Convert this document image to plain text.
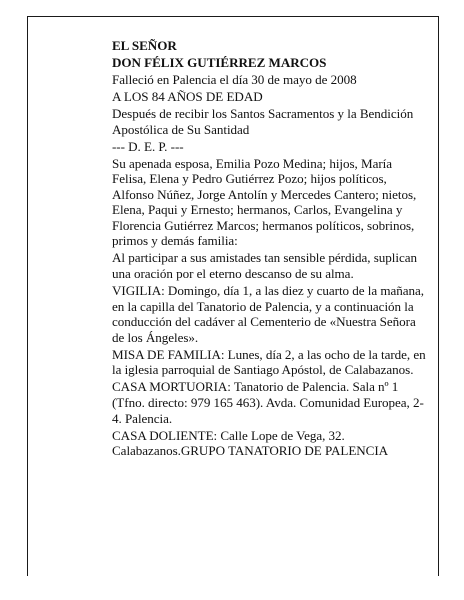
EL SEÑOR
DON FÉLIX GUTIÉRREZ MARCOS
Falleció en Palencia el día 30 de mayo de 2008
A LOS 84 AÑOS DE EDAD
Después de recibir los Santos Sacramentos y la Bendición Apostólica de Su Santidad
--- D. E. P. ---
Su apenada esposa, Emilia Pozo Medina; hijos, María Felisa, Elena y Pedro Gutiérrez Pozo; hijos políticos, Alfonso Núñez, Jorge Antolín y Mercedes Cantero; nietos, Elena, Paqui y Ernesto; hermanos, Carlos, Evangelina y Florencia Gutiérrez Marcos; hermanos políticos, sobrinos, primos y demás familia:
Al participar a sus amistades tan sensible pérdida, suplican una oración por el eterno descanso de su alma.
VIGILIA: Domingo, día 1, a las diez y cuarto de la mañana, en la capilla del Tanatorio de Palencia, y a continuación la conducción del cadáver al Cementerio de «Nuestra Señora de los Ángeles».
MISA DE FAMILIA: Lunes, día 2, a las ocho de la tarde, en la iglesia parroquial de Santiago Apóstol, de Calabazanos.
CASA MORTUORIA: Tanatorio de Palencia. Sala nº 1 (Tfno. directo: 979 165 463). Avda. Comunidad Europea, 2-4. Palencia.
CASA DOLIENTE: Calle Lope de Vega, 32. Calabazanos.GRUPO TANATORIO DE PALENCIA
